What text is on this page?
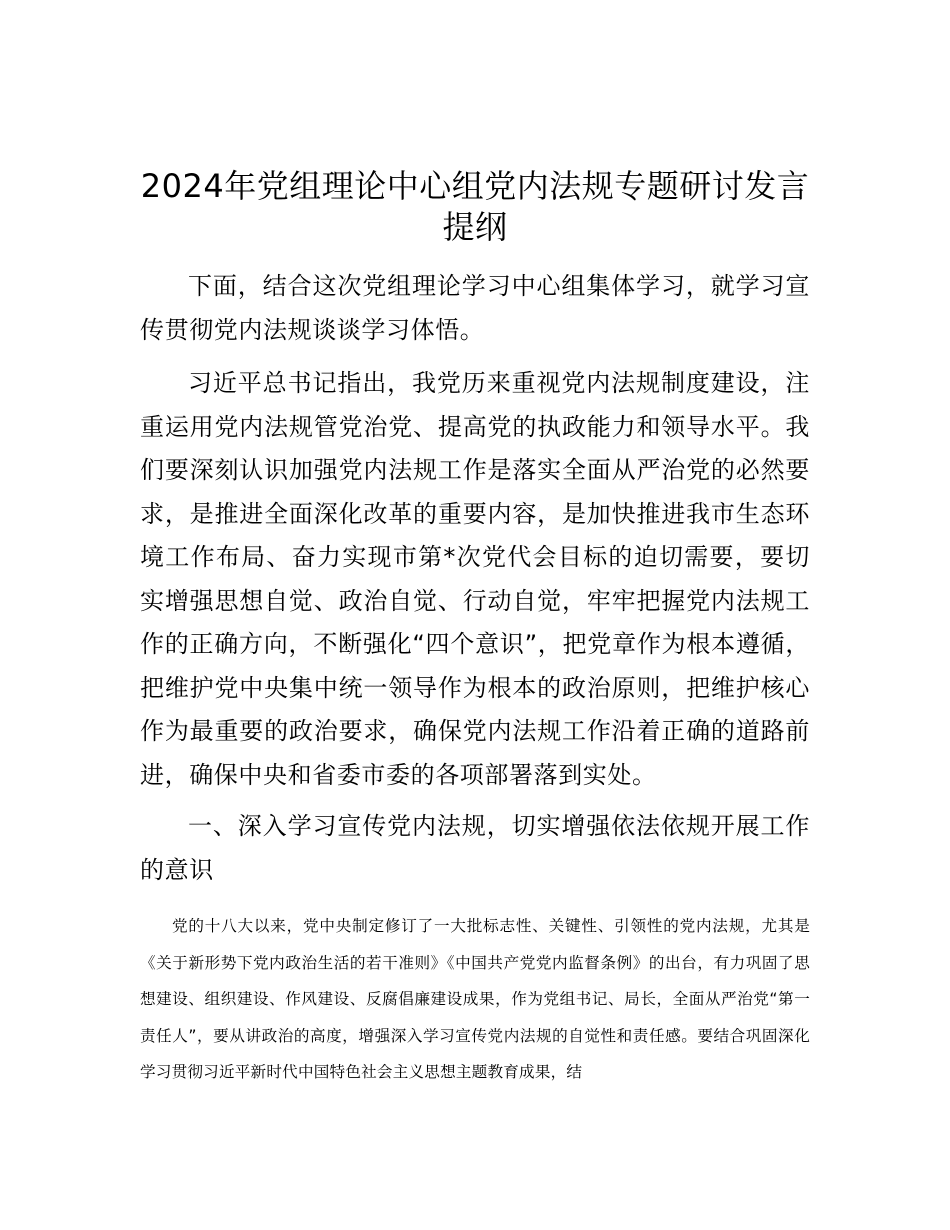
2024年党组理论中心组党内法规专题研讨发言提纲

下面，结合这次党组理论学习中心组集体学习，就学习宣传贯彻党内法规谈谈学习体悟。

习近平总书记指出，我党历来重视党内法规制度建设，注重运用党内法规管党治党、提高党的执政能力和领导水平。我们要深刻认识加强党内法规工作是落实全面从严治党的必然要求，是推进全面深化改革的重要内容，是加快推进我市生态环境工作布局、奋力实现市第*次党代会目标的迫切需要，要切实增强思想自觉、政治自觉、行动自觉，牢牢把握党内法规工作的正确方向，不断强化“四个意识”，把党章作为根本遵循，把维护党中央集中统一领导作为根本的政治原则，把维护核心作为最重要的政治要求，确保党内法规工作沿着正确的道路前进，确保中央和省委市委的各项部署落到实处。

一、深入学习宣传党内法规，切实增强依法依规开展工作的意识

党的十八大以来，党中央制定修订了一大批标志性、关键性、引领性的党内法规，尤其是《关于新形势下党内政治生活的若干准则》《中国共产党党内监督条例》的出台，有力巩固了思想建设、组织建设、作风建设、反腐倡廉建设成果，作为党组书记、局长，全面从严治党“第一责任人”，要从讲政治的高度，增强深入学习宣传党内法规的自觉性和责任感。要结合巩固深化学习贯彻习近平新时代中国特色社会主义思想主题教育成果，结
